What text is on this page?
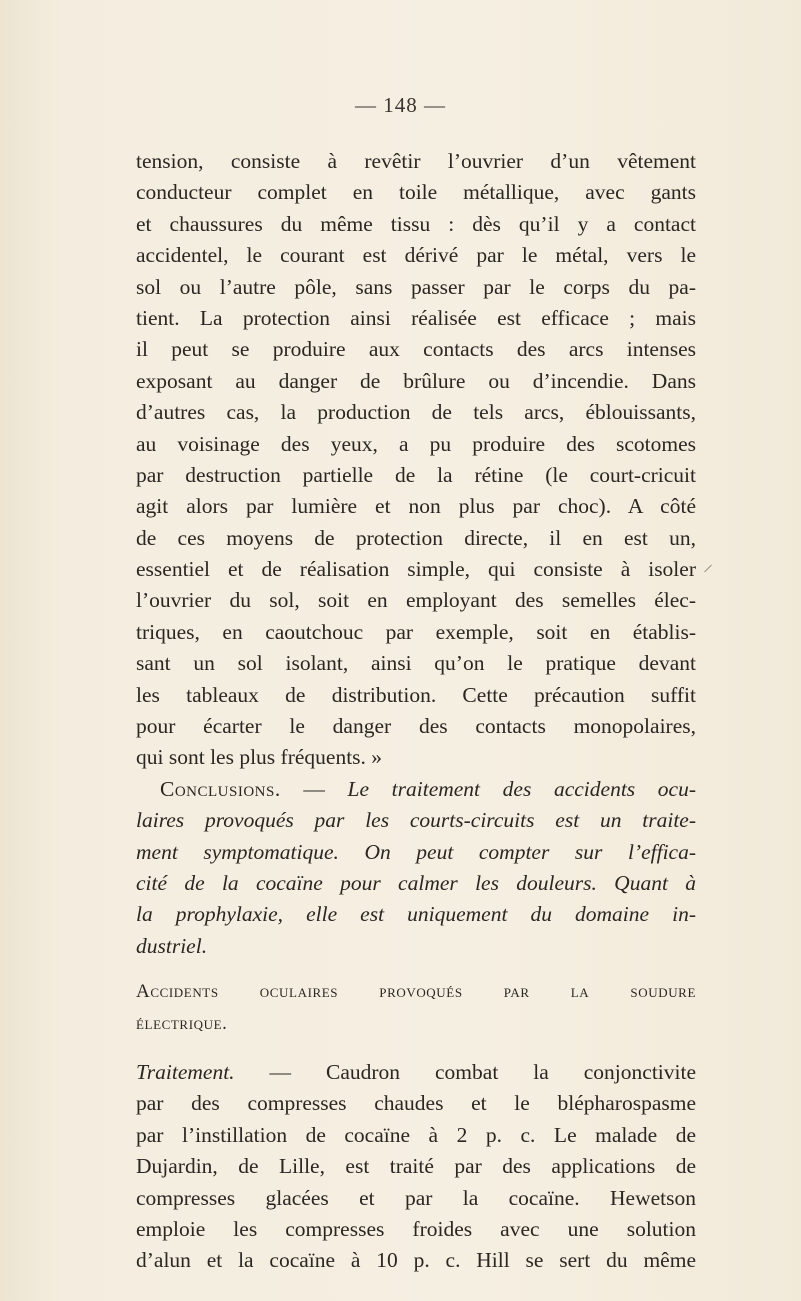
— 148 —
tension, consiste à revêtir l’ouvrier d’un vêtement
conducteur complet en toile métallique, avec gants
et chaussures du même tissu : dès qu’il y a contact
accidentel, le courant est dérivé par le métal, vers le
sol ou l’autre pôle, sans passer par le corps du pa-
tient. La protection ainsi réalisée est efficace ; mais
il peut se produire aux contacts des arcs intenses
exposant au danger de brûlure ou d’incendie. Dans
d’autres cas, la production de tels arcs, éblouissants,
au voisinage des yeux, a pu produire des scotomes
par destruction partielle de la rétine (le court-cricuit
agit alors par lumière et non plus par choc). A côté
de ces moyens de protection directe, il en est un,
essentiel et de réalisation simple, qui consiste à isoler
l’ouvrier du sol, soit en employant des semelles élec-
triques, en caoutchouc par exemple, soit en établis-
sant un sol isolant, ainsi qu’on le pratique devant
les tableaux de distribution. Cette précaution suffit
pour écarter le danger des contacts monopolaires,
qui sont les plus fréquents. »
Conclusions. — Le traitement des accidents ocu-
laires provoqués par les courts-circuits est un traite-
ment symptomatique. On peut compter sur l’effica-
cité de la cocaïne pour calmer les douleurs. Quant à
la prophylaxie, elle est uniquement du domaine in-
dustriel.
Accidents oculaires provoqués par la soudure
électrique.
Traitement. — Caudron combat la conjonctivite
par des compresses chaudes et le blépharospasme
par l’instillation de cocaïne à 2 p. c. Le malade de
Dujardin, de Lille, est traité par des applications de
compresses glacées et par la cocaïne. Hewetson
emploie les compresses froides avec une solution
d’alun et la cocaïne à 10 p. c. Hill se sert du même
